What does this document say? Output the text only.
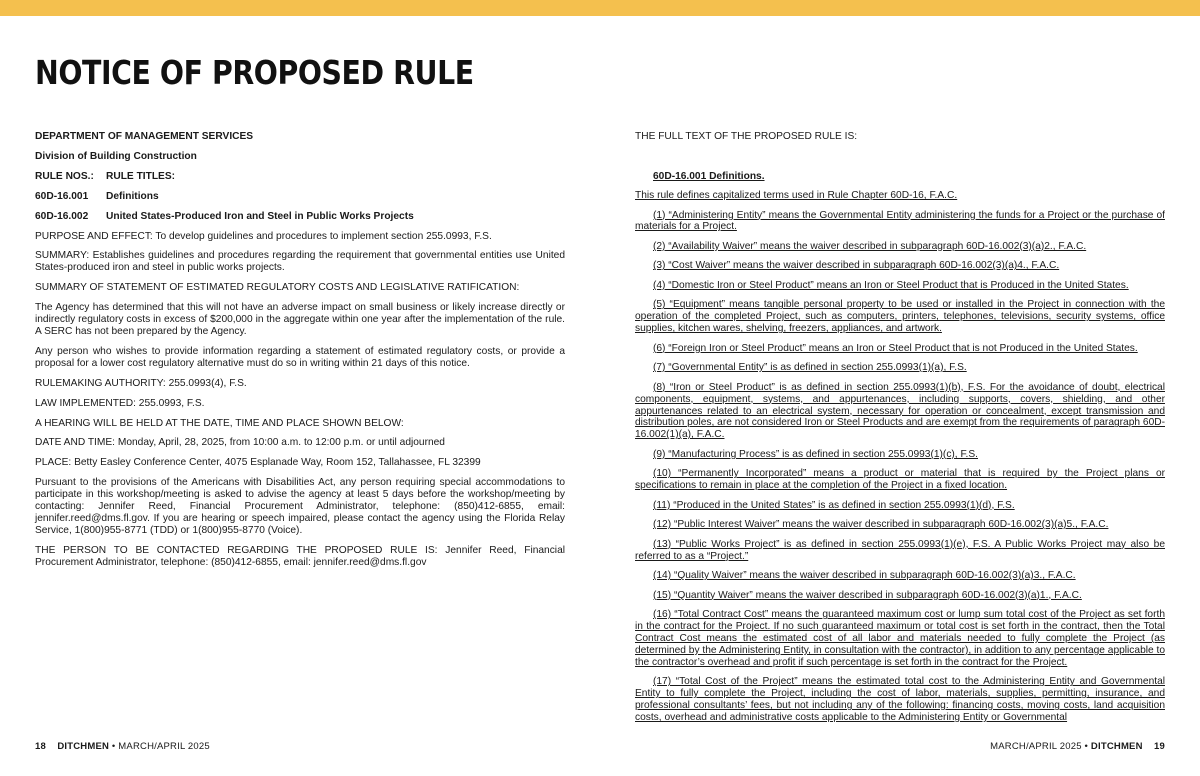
NOTICE OF PROPOSED RULE

DEPARTMENT OF MANAGEMENT SERVICES

Division of Building Construction

RULE NOS.: RULE TITLES:

60D-16.001 Definitions

60D-16.002 United States-Produced Iron and Steel in Public Works Projects

PURPOSE AND EFFECT: To develop guidelines and procedures to implement section 255.0993, F.S.

SUMMARY: Establishes guidelines and procedures regarding the requirement that governmental entities use United States-produced iron and steel in public works projects.

SUMMARY OF STATEMENT OF ESTIMATED REGULATORY COSTS AND LEGISLATIVE RATIFICATION:

The Agency has determined that this will not have an adverse impact on small business or likely increase directly or indirectly regulatory costs in excess of $200,000 in the aggregate within one year after the implementation of the rule. A SERC has not been prepared by the Agency.

Any person who wishes to provide information regarding a statement of estimated regulatory costs, or provide a proposal for a lower cost regulatory alternative must do so in writing within 21 days of this notice.

RULEMAKING AUTHORITY: 255.0993(4), F.S.

LAW IMPLEMENTED: 255.0993, F.S.

A HEARING WILL BE HELD AT THE DATE, TIME AND PLACE SHOWN BELOW:

DATE AND TIME: Monday, April, 28, 2025, from 10:00 a.m. to 12:00 p.m. or until adjourned

PLACE: Betty Easley Conference Center, 4075 Esplanade Way, Room 152, Tallahassee, FL 32399

Pursuant to the provisions of the Americans with Disabilities Act, any person requiring special accommodations to participate in this workshop/meeting is asked to advise the agency at least 5 days before the workshop/meeting by contacting: Jennifer Reed, Financial Procurement Administrator, telephone: (850)412-6855, email: jennifer.reed@dms.fl.gov. If you are hearing or speech impaired, please contact the agency using the Florida Relay Service, 1(800)955-8771 (TDD) or 1(800)955-8770 (Voice).

THE PERSON TO BE CONTACTED REGARDING THE PROPOSED RULE IS: Jennifer Reed, Financial Procurement Administrator, telephone: (850)412-6855, email: jennifer.reed@dms.fl.gov

THE FULL TEXT OF THE PROPOSED RULE IS:

60D-16.001 Definitions.

This rule defines capitalized terms used in Rule Chapter 60D-16, F.A.C.

(1) “Administering Entity” means the Governmental Entity administering the funds for a Project or the purchase of materials for a Project.

(2) “Availability Waiver” means the waiver described in subparagraph 60D-16.002(3)(a)2., F.A.C.

(3) “Cost Waiver” means the waiver described in subparagraph 60D-16.002(3)(a)4., F.A.C.

(4) “Domestic Iron or Steel Product” means an Iron or Steel Product that is Produced in the United States.

(5) “Equipment” means tangible personal property to be used or installed in the Project in connection with the operation of the completed Project, such as computers, printers, telephones, televisions, security systems, office supplies, kitchen wares, shelving, freezers, appliances, and artwork.

(6) “Foreign Iron or Steel Product” means an Iron or Steel Product that is not Produced in the United States.

(7) “Governmental Entity” is as defined in section 255.0993(1)(a), F.S.

(8) “Iron or Steel Product” is as defined in section 255.0993(1)(b), F.S. For the avoidance of doubt, electrical components, equipment, systems, and appurtenances, including supports, covers, shielding, and other appurtenances related to an electrical system, necessary for operation or concealment, except transmission and distribution poles, are not considered Iron or Steel Products and are exempt from the requirements of paragraph 60D-16.002(1)(a), F.A.C.

(9) “Manufacturing Process” is as defined in section 255.0993(1)(c), F.S.

(10) “Permanently Incorporated” means a product or material that is required by the Project plans or specifications to remain in place at the completion of the Project in a fixed location.

(11) “Produced in the United States” is as defined in section 255.0993(1)(d), F.S.

(12) “Public Interest Waiver” means the waiver described in subparagraph 60D-16.002(3)(a)5., F.A.C.

(13) “Public Works Project” is as defined in section 255.0993(1)(e), F.S. A Public Works Project may also be referred to as a “Project.”

(14) “Quality Waiver” means the waiver described in subparagraph 60D-16.002(3)(a)3., F.A.C.

(15) “Quantity Waiver” means the waiver described in subparagraph 60D-16.002(3)(a)1., F.A.C.

(16) “Total Contract Cost” means the guaranteed maximum cost or lump sum total cost of the Project as set forth in the contract for the Project. If no such guaranteed maximum or total cost is set forth in the contract, then the Total Contract Cost means the estimated cost of all labor and materials needed to fully complete the Project (as determined by the Administering Entity, in consultation with the contractor), in addition to any percentage applicable to the contractor’s overhead and profit if such percentage is set forth in the contract for the Project.

(17) “Total Cost of the Project” means the estimated total cost to the Administering Entity and Governmental Entity to fully complete the Project, including the cost of labor, materials, supplies, permitting, insurance, and professional consultants’ fees, but not including any of the following: financing costs, moving costs, land acquisition costs, overhead and administrative costs applicable to the Administering Entity or Governmental

18 DITCHMEN • MARCH/APRIL 2025	MARCH/APRIL 2025 • DITCHMEN 19
